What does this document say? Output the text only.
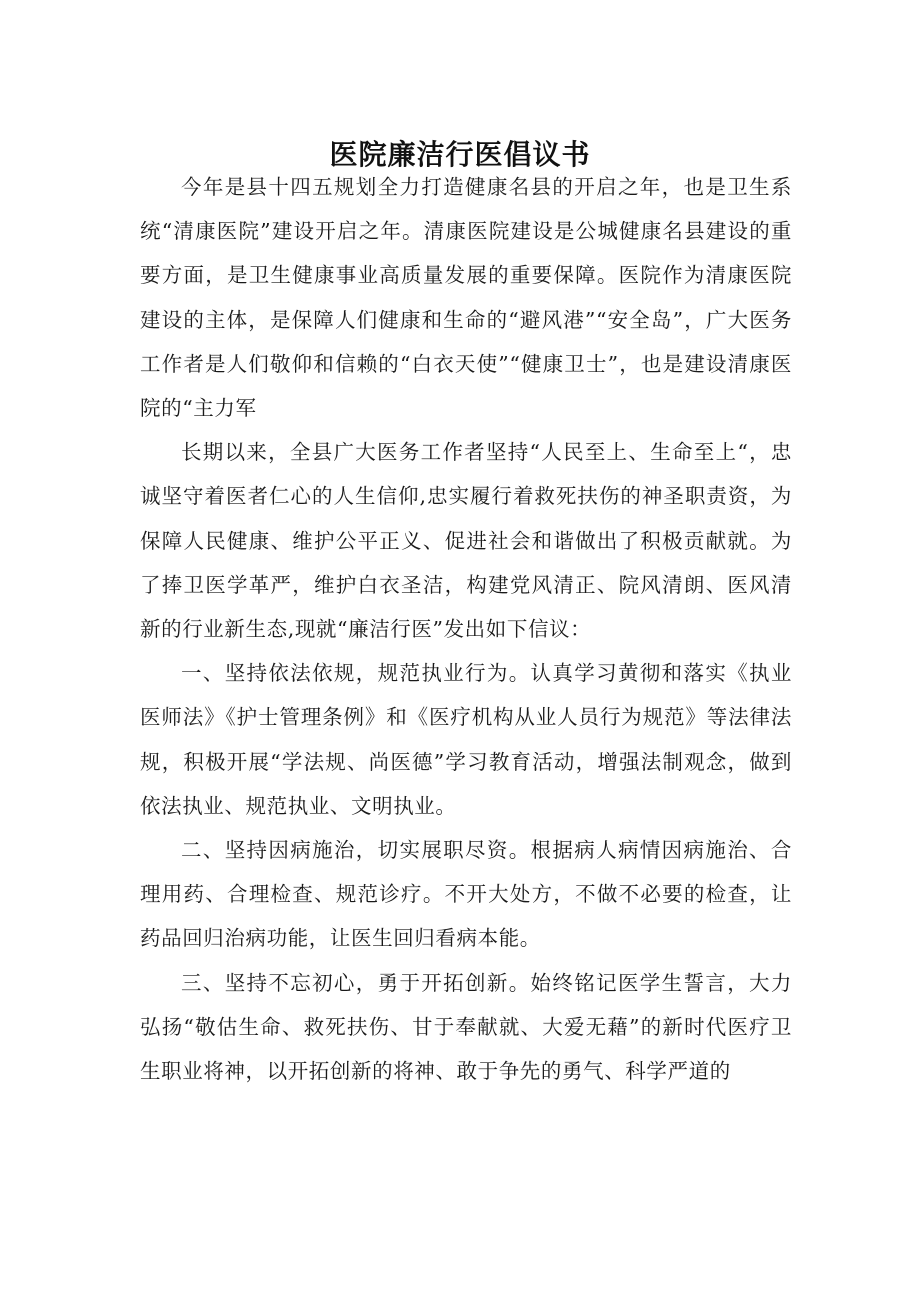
医院廉洁行医倡议书

今年是县十四五规划全力打造健康名县的开启之年，也是卫生系统“清康医院”建设开启之年。清康医院建设是公城健康名县建设的重要方面，是卫生健康事业高质量发展的重要保障。医院作为清康医院建设的主体，是保障人们健康和生命的“避风港”“安全岛”，广大医务工作者是人们敬仰和信赖的“白衣天使”“健康卫士”，也是建设清康医院的“主力军

长期以来，全县广大医务工作者坚持“人民至上、生命至上“，忠诚坚守着医者仁心的人生信仰,忠实履行着救死扶伤的神圣职责资，为保障人民健康、维护公平正义、促进社会和谐做出了积极贡献就。为了捧卫医学革严，维护白衣圣洁，构建党风清正、院风清朗、医风清新的行业新生态,现就“廉洁行医”发出如下信议：

一、坚持依法依规，规范执业行为。认真学习黄彻和落实《执业医师法》《护士管理条例》和《医疗机构从业人员行为规范》等法律法规，积极开展“学法规、尚医德”学习教育活动，增强法制观念，做到依法执业、规范执业、文明执业。

二、坚持因病施治，切实展职尽资。根据病人病情因病施治、合理用药、合理检查、规范诊疗。不开大处方，不做不必要的检查，让药品回归治病功能，让医生回归看病本能。

三、坚持不忘初心，勇于开拓创新。始终铭记医学生誓言，大力弘扬“敬估生命、救死扶伤、甘于奉献就、大爱无藉”的新时代医疗卫生职业将神，以开拓创新的将神、敢于争先的勇气、科学严道的
